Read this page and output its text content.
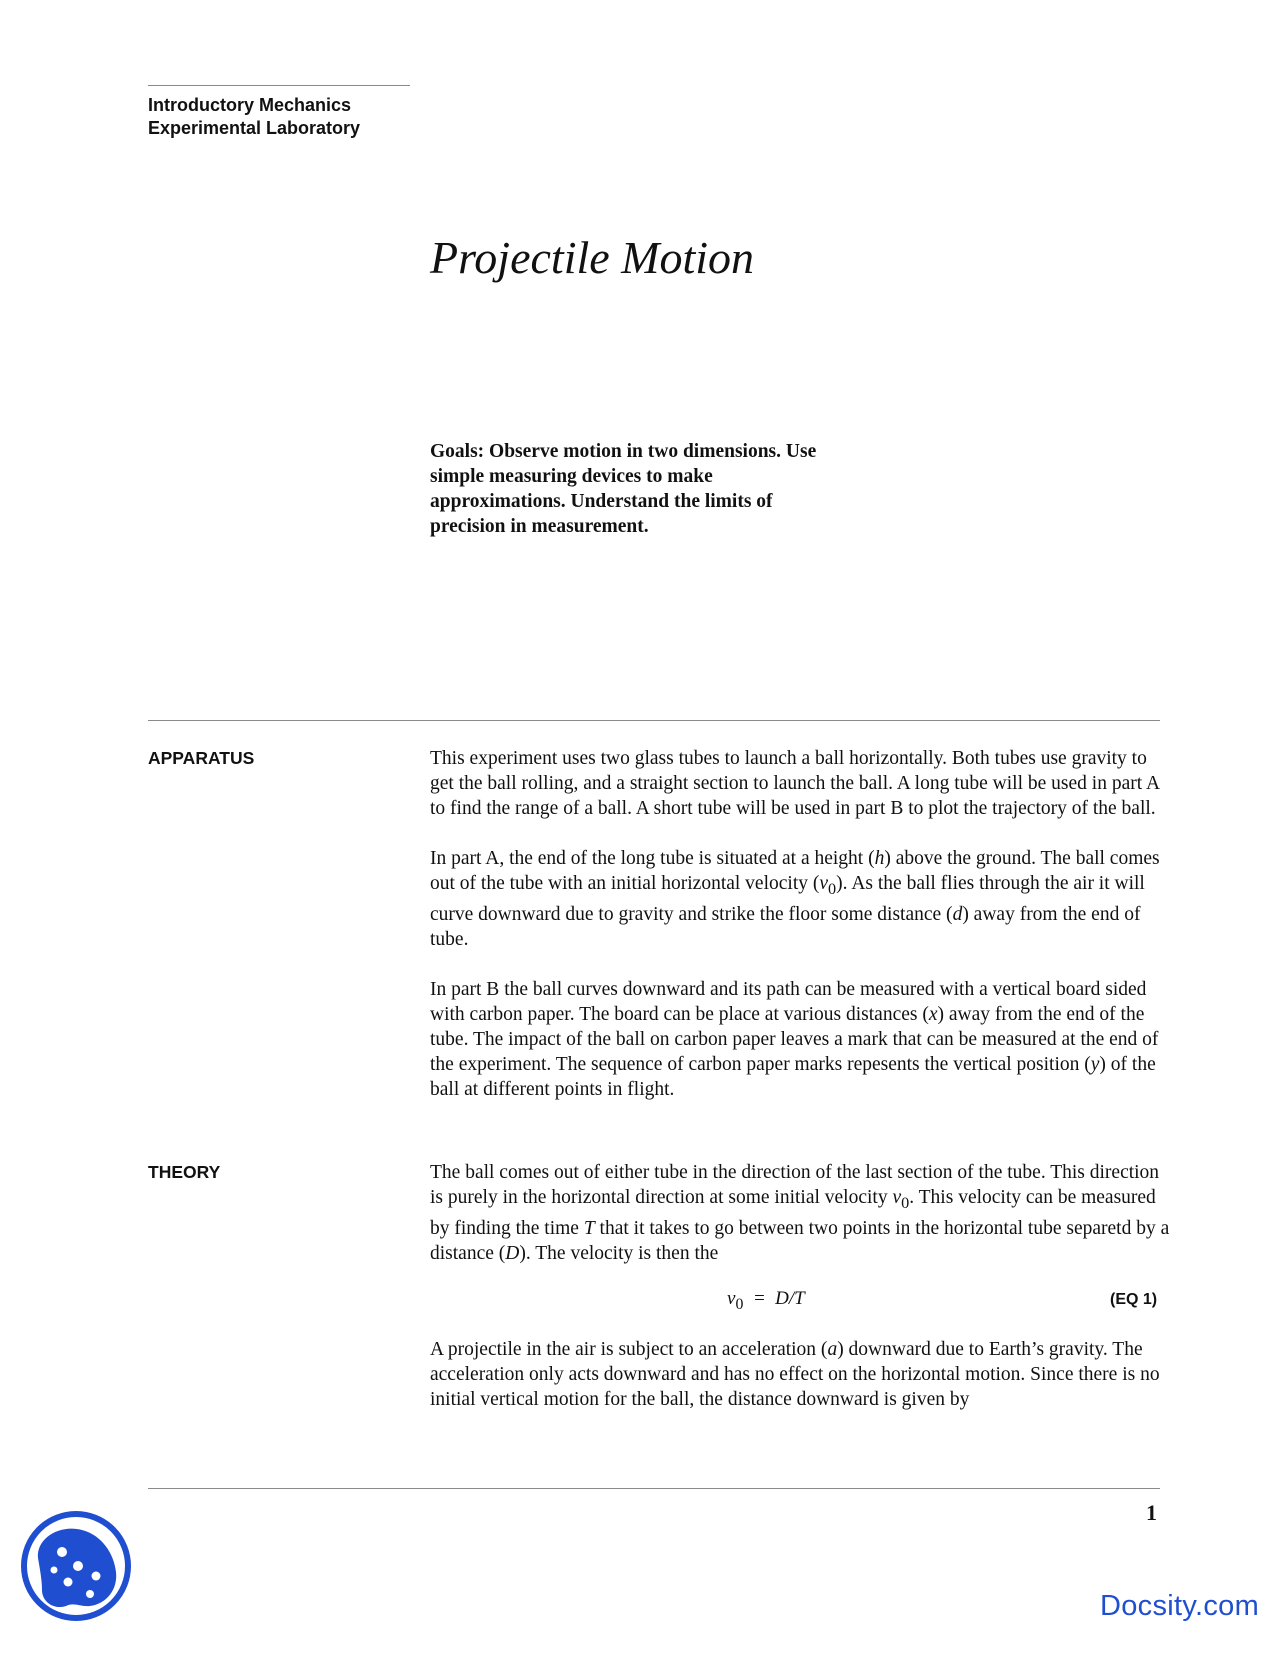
Introductory Mechanics
Experimental Laboratory
Projectile Motion
Goals: Observe motion in two dimensions. Use simple measuring devices to make approximations. Understand the limits of precision in measurement.
APPARATUS	This experiment uses two glass tubes to launch a ball horizontally. Both tubes use gravity to get the ball rolling, and a straight section to launch the ball. A long tube will be used in part A to find the range of a ball. A short tube will be used in part B to plot the trajectory of the ball.

In part A, the end of the long tube is situated at a height (h) above the ground. The ball comes out of the tube with an initial horizontal velocity $(v_0)$. As the ball flies through the air it will curve downward due to gravity and strike the floor some distance (d) away from the end of tube.

In part B the ball curves downward and its path can be measured with a vertical board sided with carbon paper. The board can be place at various distances (x) away from the end of the tube. The impact of the ball on carbon paper leaves a mark that can be measured at the end of the experiment. The sequence of carbon paper marks repesents the vertical position (y) of the ball at different points in flight.

THEORY	The ball comes out of either tube in the direction of the last section of the tube. This direction is purely in the horizontal direction at some initial velocity $v_0$. This velocity can be measured by finding the time T that it takes to go between two points in the horizontal tube separetd by a distance (D). The velocity is then the

$v_0 = D/T$	(EQ 1)

A projectile in the air is subject to an acceleration (a) downward due to Earth’s gravity. The acceleration only acts downward and has no effect on the horizontal motion. Since there is no initial vertical motion for the ball, the distance downward is given by

1
Docsity.com
